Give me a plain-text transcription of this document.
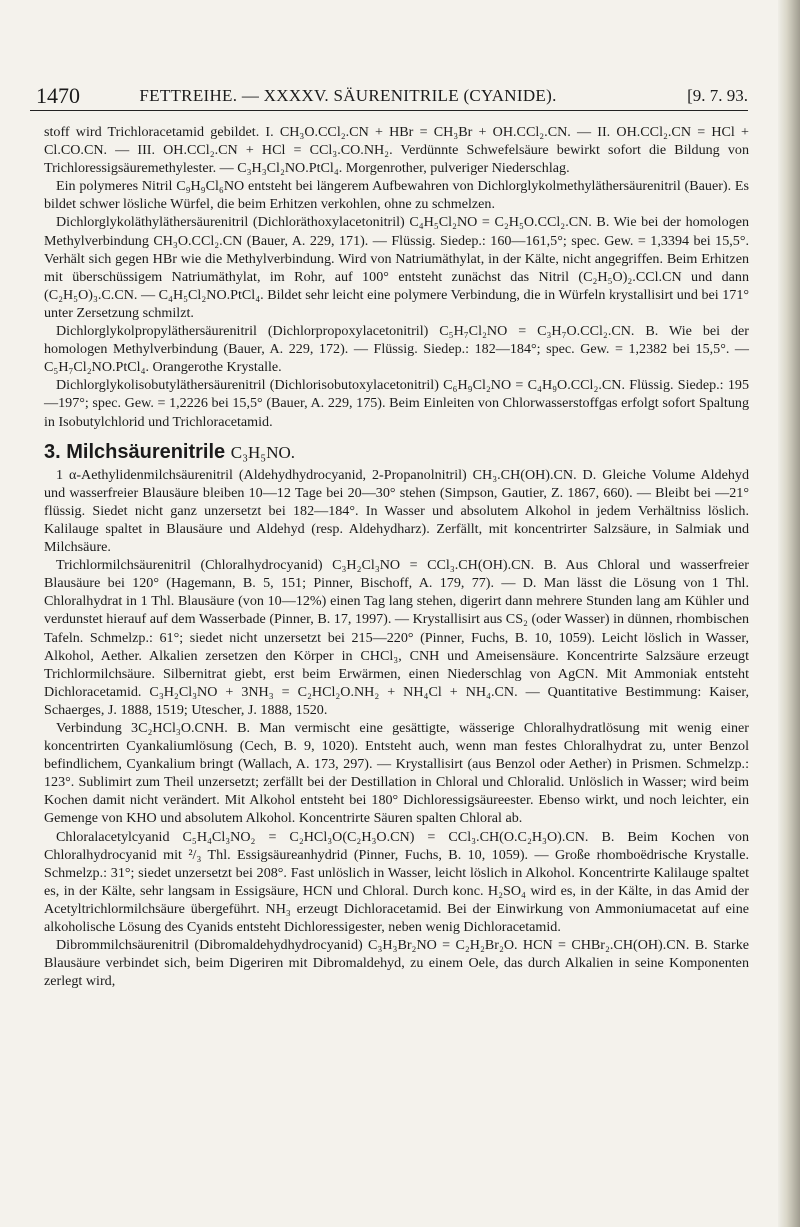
1470	FETTREIHE. — XXXXV. SÄURENITRILE (CYANIDE).	[9. 7. 93.

stoff wird Trichloracetamid gebildet. I. CH₃O.CCl₂.CN + HBr = CH₃Br + OH.CCl₂.CN. — II. OH.CCl₂.CN = HCl + Cl.CO.CN. — III. OH.CCl₂.CN + HCl = CCl₃.CO.NH₂. Verdünnte Schwefelsäure bewirkt sofort die Bildung von Trichloressigsäuremethylester. — C₃H₃Cl₂NO.PtCl₄. Morgenrother, pulveriger Niederschlag.

Ein polymeres Nitril C₉H₉Cl₆NO entsteht bei längerem Aufbewahren von Dichlorglykolmethyläthersäurenitril (Bauer). Es bildet schwer lösliche Würfel, die beim Erhitzen verkohlen, ohne zu schmelzen.

Dichlorglykoläthyläthersäurenitril (Dichloräthoxylacetonitril) C₄H₅Cl₂NO = C₂H₅O.CCl₂.CN. B. Wie bei der homologen Methylverbindung CH₃O.CCl₂.CN (Bauer, A. 229, 171). — Flüssig. Siedep.: 160—161,5°; spec. Gew. = 1,3394 bei 15,5°. Verhält sich gegen HBr wie die Methylverbindung. Wird von Natriumäthylat, in der Kälte, nicht angegriffen. Beim Erhitzen mit überschüssigem Natriumäthylat, im Rohr, auf 100° entsteht zunächst das Nitril (C₂H₅O)₂.CCl.CN und dann (C₂H₅O)₃.C.CN. — C₄H₅Cl₂NO.PtCl₄. Bildet sehr leicht eine polymere Verbindung, die in Würfeln krystallisirt und bei 171° unter Zersetzung schmilzt.

Dichlorglykolpropyläthersäurenitril (Dichlorpropoxylacetonitril) C₅H₇Cl₂NO = C₃H₇O.CCl₂.CN. B. Wie bei der homologen Methylverbindung (Bauer, A. 229, 172). — Flüssig. Siedep.: 182—184°; spec. Gew. = 1,2382 bei 15,5°. — C₅H₇Cl₂NO.PtCl₄. Orangerothe Krystalle.

Dichlorglykolisobutyläthersäurenitril (Dichlorisobutoxylacetonitril) C₆H₉Cl₂NO = C₄H₉O.CCl₂.CN. Flüssig. Siedep.: 195—197°; spec. Gew. = 1,2226 bei 15,5° (Bauer, A. 229, 175). Beim Einleiten von Chlorwasserstoffgas erfolgt sofort Spaltung in Isobutylchlorid und Trichloracetamid.

3. Milchsäurenitrile C₃H₅NO.

1 α-Aethylidenmilchsäurenitril (Aldehydhydrocyanid, 2-Propanolnitril) CH₃.CH(OH).CN. D. Gleiche Volume Aldehyd und wasserfreier Blausäure bleiben 10—12 Tage bei 20—30° stehen (Simpson, Gautier, Z. 1867, 660). — Bleibt bei —21° flüssig. Siedet nicht ganz unzersetzt bei 182—184°. In Wasser und absolutem Alkohol in jedem Verhältniss löslich. Kalilauge spaltet in Blausäure und Aldehyd (resp. Aldehydharz). Zerfällt, mit koncentrirter Salzsäure, in Salmiak und Milchsäure.

Trichlormilchsäurenitril (Chloralhydrocyanid) C₃H₂Cl₃NO = CCl₃.CH(OH).CN. B. Aus Chloral und wasserfreier Blausäure bei 120° (Hagemann, B. 5, 151; Pinner, Bischoff, A. 179, 77). — D. Man lässt die Lösung von 1 Thl. Chloralhydrat in 1 Thl. Blausäure (von 10—12%) einen Tag lang stehen, digerirt dann mehrere Stunden lang am Kühler und verdunstet hierauf auf dem Wasserbade (Pinner, B. 17, 1997). — Krystallisirt aus CS₂ (oder Wasser) in dünnen, rhombischen Tafeln. Schmelzp.: 61°; siedet nicht unzersetzt bei 215—220° (Pinner, Fuchs, B. 10, 1059). Leicht löslich in Wasser, Alkohol, Aether. Alkalien zersetzen den Körper in CHCl₃, CNH und Ameisensäure. Koncentrirte Salzsäure erzeugt Trichlormilchsäure. Silbernitrat giebt, erst beim Erwärmen, einen Niederschlag von AgCN. Mit Ammoniak entsteht Dichloracetamid. C₃H₂Cl₃NO + 3NH₃ = C₂HCl₂O.NH₂ + NH₄Cl + NH₄.CN. — Quantitative Bestimmung: Kaiser, Schaerges, J. 1888, 1519; Utescher, J. 1888, 1520.

Verbindung 3C₂HCl₃O.CNH. B. Man vermischt eine gesättigte, wässerige Chloralhydratlösung mit wenig einer koncentrirten Cyankaliumlösung (Cech, B. 9, 1020). Entsteht auch, wenn man festes Chloralhydrat zu, unter Benzol befindlichem, Cyankalium bringt (Wallach, A. 173, 297). — Krystallisirt (aus Benzol oder Aether) in Prismen. Schmelzp.: 123°. Sublimirt zum Theil unzersetzt; zerfällt bei der Destillation in Chloral und Chloralid. Unlöslich in Wasser; wird beim Kochen damit nicht verändert. Mit Alkohol entsteht bei 180° Dichloressigsäureester. Ebenso wirkt, und noch leichter, ein Gemenge von KHO und absolutem Alkohol. Koncentrirte Säuren spalten Chloral ab.

Chloralacetylcyanid C₅H₄Cl₃NO₂ = C₂HCl₃O(C₂H₃O.CN) = CCl₃.CH(O.C₂H₃O).CN. B. Beim Kochen von Chloralhydrocyanid mit ²/₃ Thl. Essigsäureanhydrid (Pinner, Fuchs, B. 10, 1059). — Große rhomboëdrische Krystalle. Schmelzp.: 31°; siedet unzersetzt bei 208°. Fast unlöslich in Wasser, leicht löslich in Alkohol. Koncentrirte Kalilauge spaltet es, in der Kälte, sehr langsam in Essigsäure, HCN und Chloral. Durch konc. H₂SO₄ wird es, in der Kälte, in das Amid der Acetyltrichlormilchsäure übergeführt. NH₃ erzeugt Dichloracetamid. Bei der Einwirkung von Ammoniumacetat auf eine alkoholische Lösung des Cyanids entsteht Dichloressigester, neben wenig Dichloracetamid.

Dibrommilchsäurenitril (Dibromaldehydhydrocyanid) C₃H₃Br₂NO = C₂H₂Br₂O. HCN = CHBr₂.CH(OH).CN. B. Starke Blausäure verbindet sich, beim Digeriren mit Dibromaldehyd, zu einem Oele, das durch Alkalien in seine Komponenten zerlegt wird,
